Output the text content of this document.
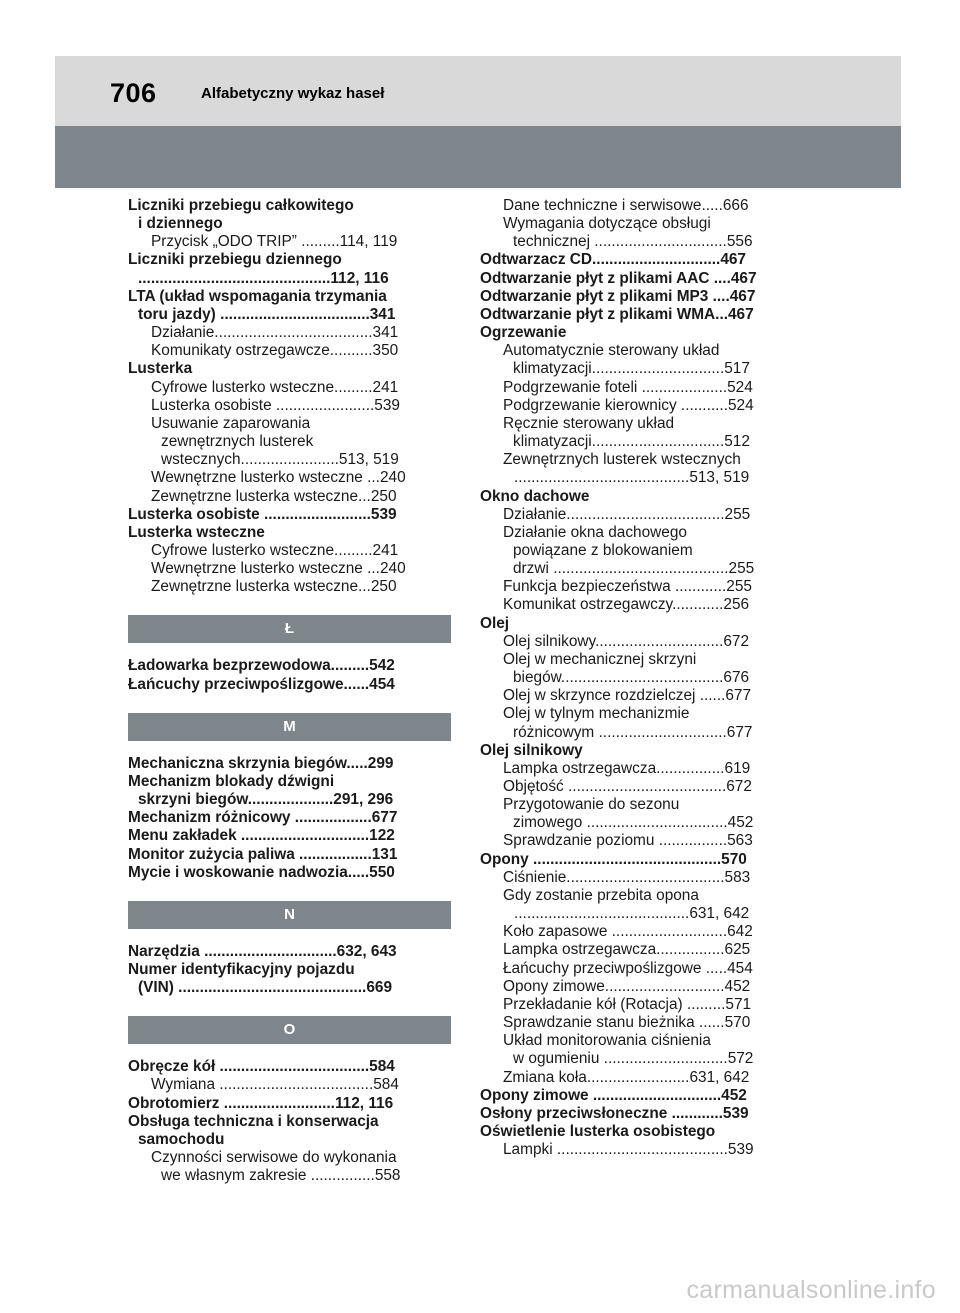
706	Alfabetyczny wykaz haseł
Liczniki przebiegu całkowitego
i dziennego
Przycisk „ODO TRIP” .........114, 119
Liczniki przebiegu dziennego
.............................................112, 116
LTA (układ wspomagania trzymania
toru jazdy) ...................................341
Działanie.....................................341
Komunikaty ostrzegawcze..........350
Lusterka
Cyfrowe lusterko wsteczne.........241
Lusterka osobiste .......................539
Usuwanie zaparowania
zewnętrznych lusterek
wstecznych.......................513, 519
Wewnętrzne lusterko wsteczne ...240
Zewnętrzne lusterka wsteczne...250
Lusterka osobiste .........................539
Lusterka wsteczne
Cyfrowe lusterko wsteczne.........241
Wewnętrzne lusterko wsteczne ...240
Zewnętrzne lusterka wsteczne...250
Ł
Ładowarka bezprzewodowa.........542
Łańcuchy przeciwpoślizgowe......454
M
Mechaniczna skrzynia biegów.....299
Mechanizm blokady dźwigni
skrzyni biegów....................291, 296
Mechanizm różnicowy ..................677
Menu zakładek ..............................122
Monitor zużycia paliwa .................131
Mycie i woskowanie nadwozia.....550
N
Narzędzia ...............................632, 643
Numer identyfikacyjny pojazdu
(VIN) ............................................669
O
Obręcze kół ...................................584
Wymiana ....................................584
Obrotomierz ..........................112, 116
Obsługa techniczna i konserwacja
samochodu
Czynności serwisowe do wykonania
we własnym zakresie ...............558
Dane techniczne i serwisowe.....666
Wymagania dotyczące obsługi
technicznej ...............................556
Odtwarzacz CD..............................467
Odtwarzanie płyt z plikami AAC ....467
Odtwarzanie płyt z plikami MP3 ....467
Odtwarzanie płyt z plikami WMA...467
Ogrzewanie
Automatycznie sterowany układ
klimatyzacji...............................517
Podgrzewanie foteli ....................524
Podgrzewanie kierownicy ...........524
Ręcznie sterowany układ
klimatyzacji...............................512
Zewnętrznych lusterek wstecznych
.........................................513, 519
Okno dachowe
Działanie.....................................255
Działanie okna dachowego
powiązane z blokowaniem
drzwi .........................................255
Funkcja bezpieczeństwa ............255
Komunikat ostrzegawczy............256
Olej
Olej silnikowy..............................672
Olej w mechanicznej skrzyni
biegów......................................676
Olej w skrzynce rozdzielczej ......677
Olej w tylnym mechanizmie
różnicowym ..............................677
Olej silnikowy
Lampka ostrzegawcza................619
Objętość .....................................672
Przygotowanie do sezonu
zimowego .................................452
Sprawdzanie poziomu ................563
Opony ............................................570
Ciśnienie.....................................583
Gdy zostanie przebita opona
.........................................631, 642
Koło zapasowe ...........................642
Lampka ostrzegawcza................625
Łańcuchy przeciwpoślizgowe .....454
Opony zimowe............................452
Przekładanie kół (Rotacja) .........571
Sprawdzanie stanu bieżnika ......570
Układ monitorowania ciśnienia
w ogumieniu .............................572
Zmiana koła........................631, 642
Opony zimowe ..............................452
Osłony przeciwsłoneczne ............539
Oświetlenie lusterka osobistego
Lampki ........................................539
carmanualsonline.info
